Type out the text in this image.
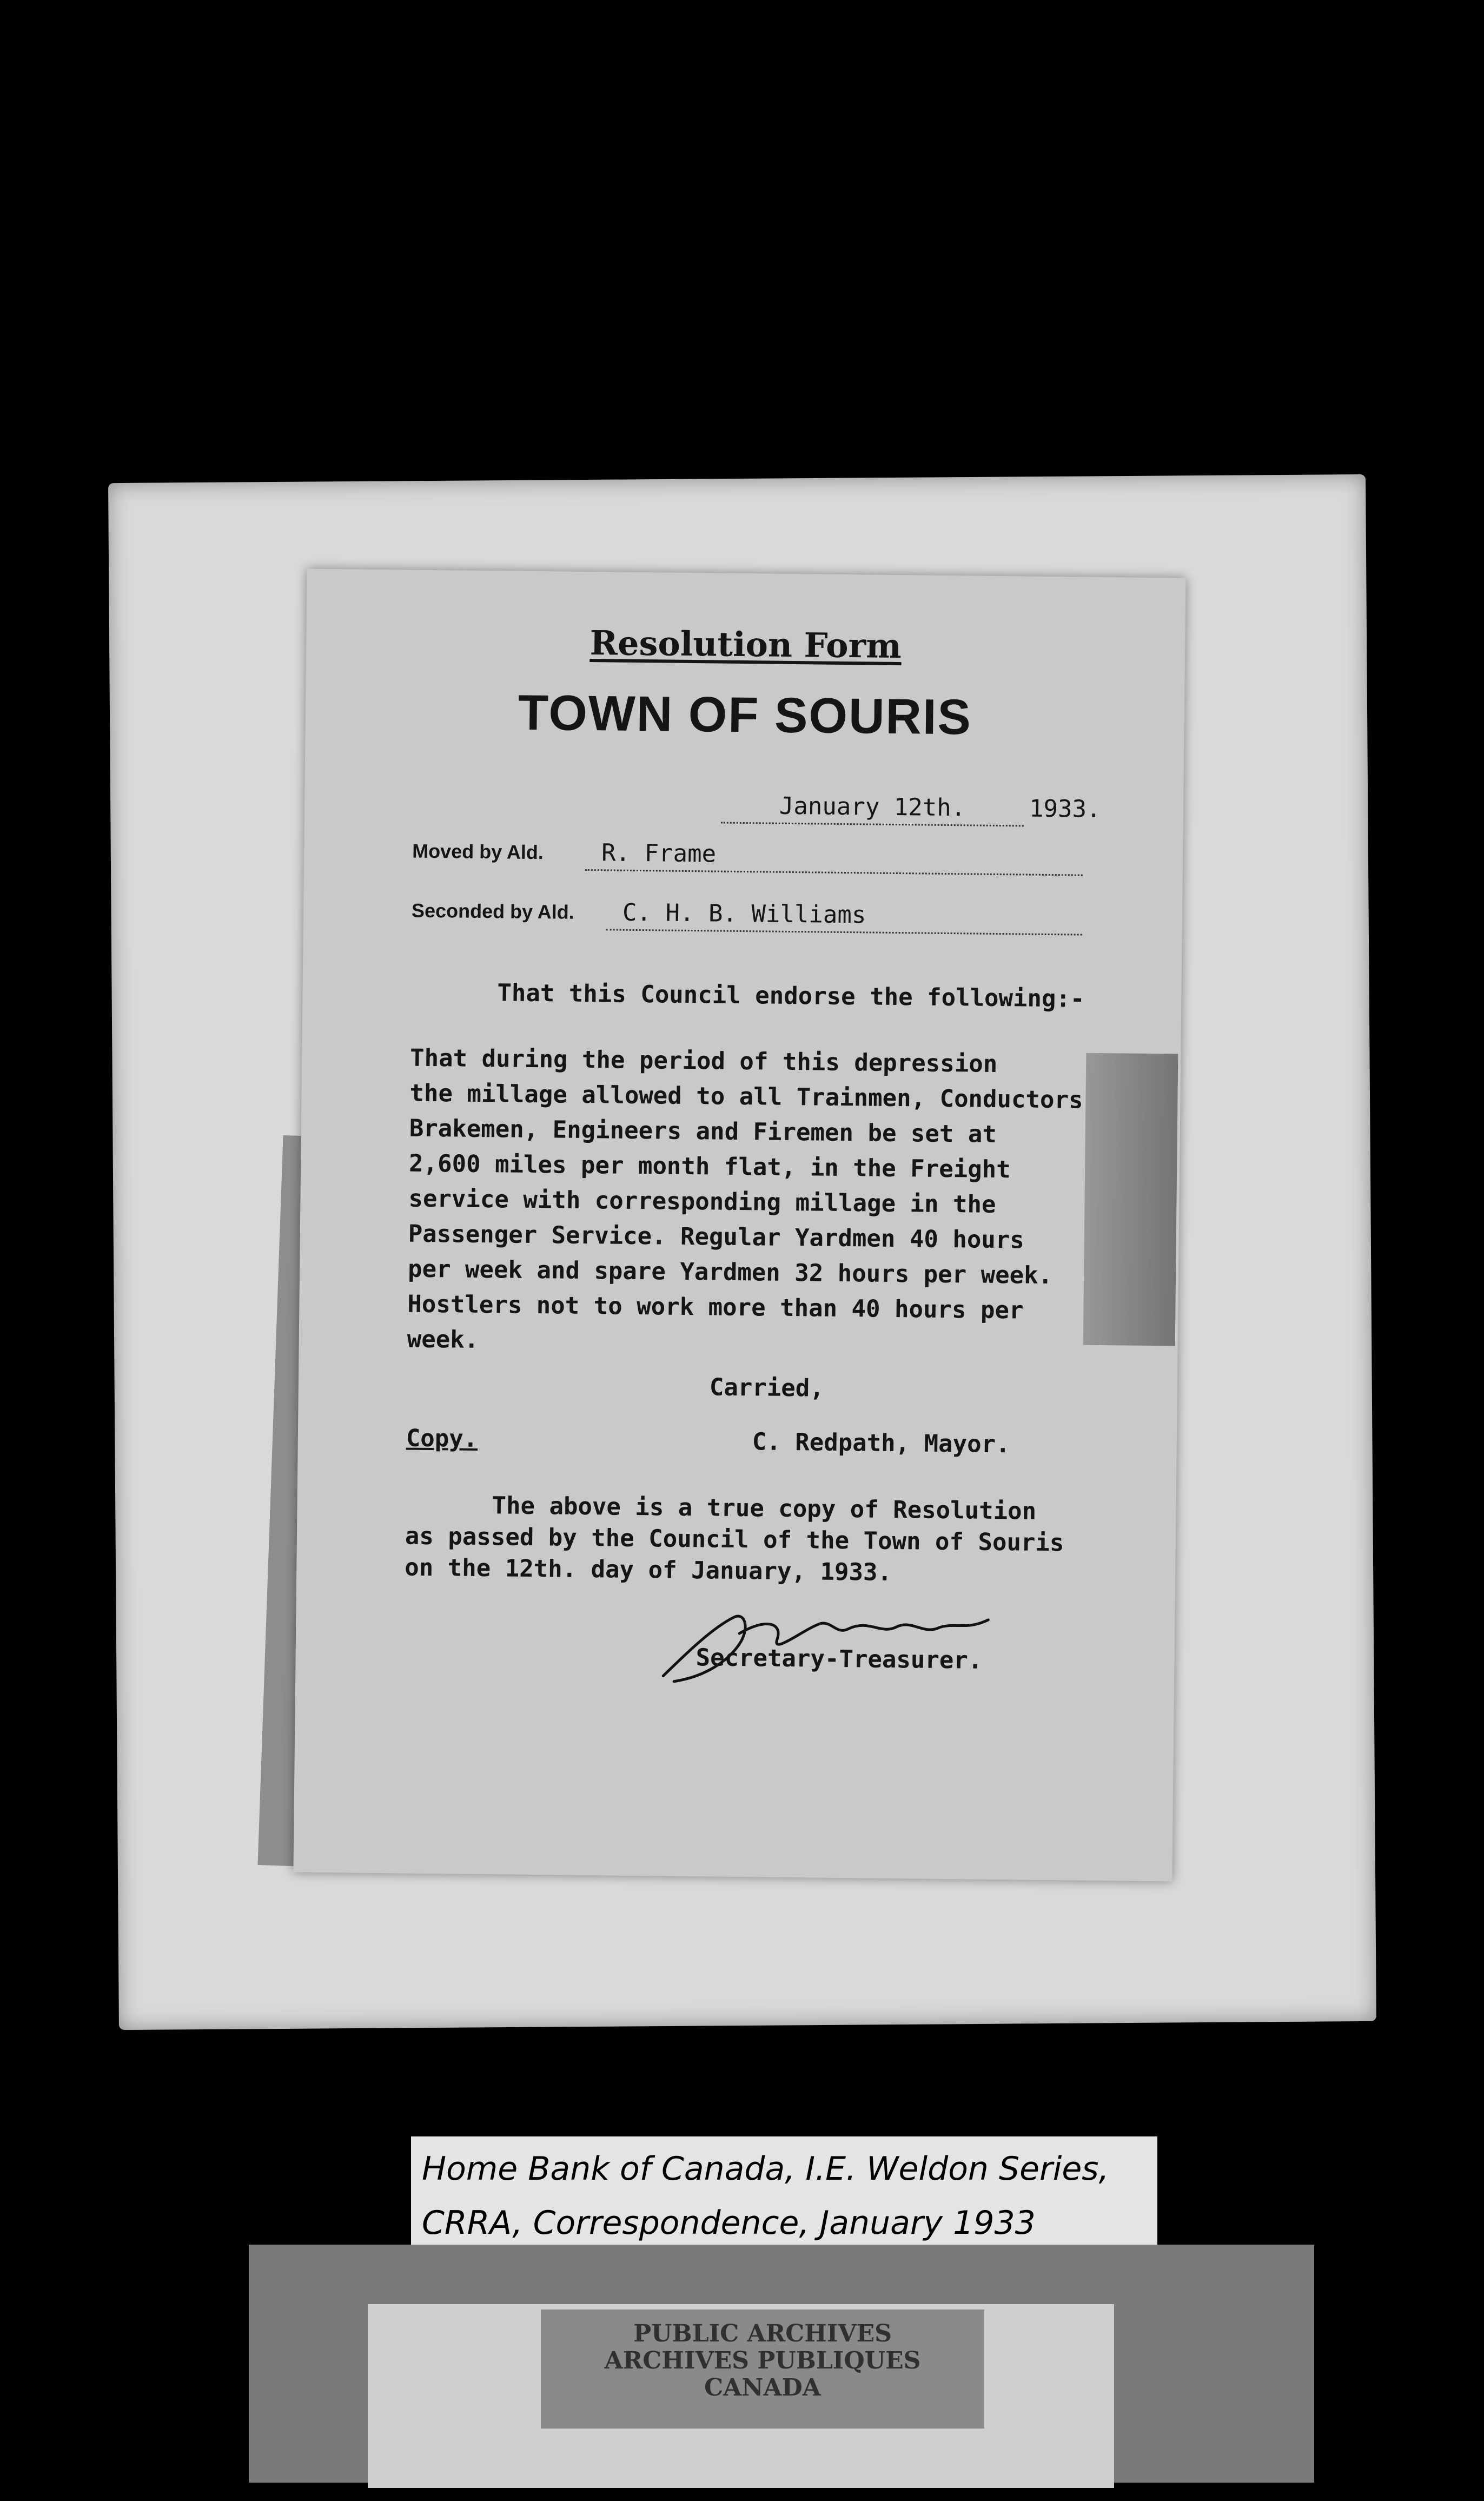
Resolution Form
TOWN OF SOURIS
January 12th.	1933.
Moved by Ald.	R. Frame
Seconded by Ald.	C. H. B. Williams
That this Council endorse the following:-
That during the period of this depression
the millage allowed to all Trainmen, Conductors
Brakemen, Engineers and Firemen be set at
2,600 miles per month flat, in the Freight
service with corresponding millage in the
Passenger Service. Regular Yardmen 40 hours
per week and spare Yardmen 32 hours per week.
Hostlers not to work more than 40 hours per
week.
Carried,
Copy.	C. Redpath, Mayor.
The above is a true copy of Resolution
as passed by the Council of the Town of Souris
on the 12th. day of January, 1933.
Secretary-Treasurer.
Home Bank of Canada, I.E. Weldon Series,
CRRA, Correspondence, January 1933
PUBLIC ARCHIVES
ARCHIVES PUBLIQUES
CANADA
